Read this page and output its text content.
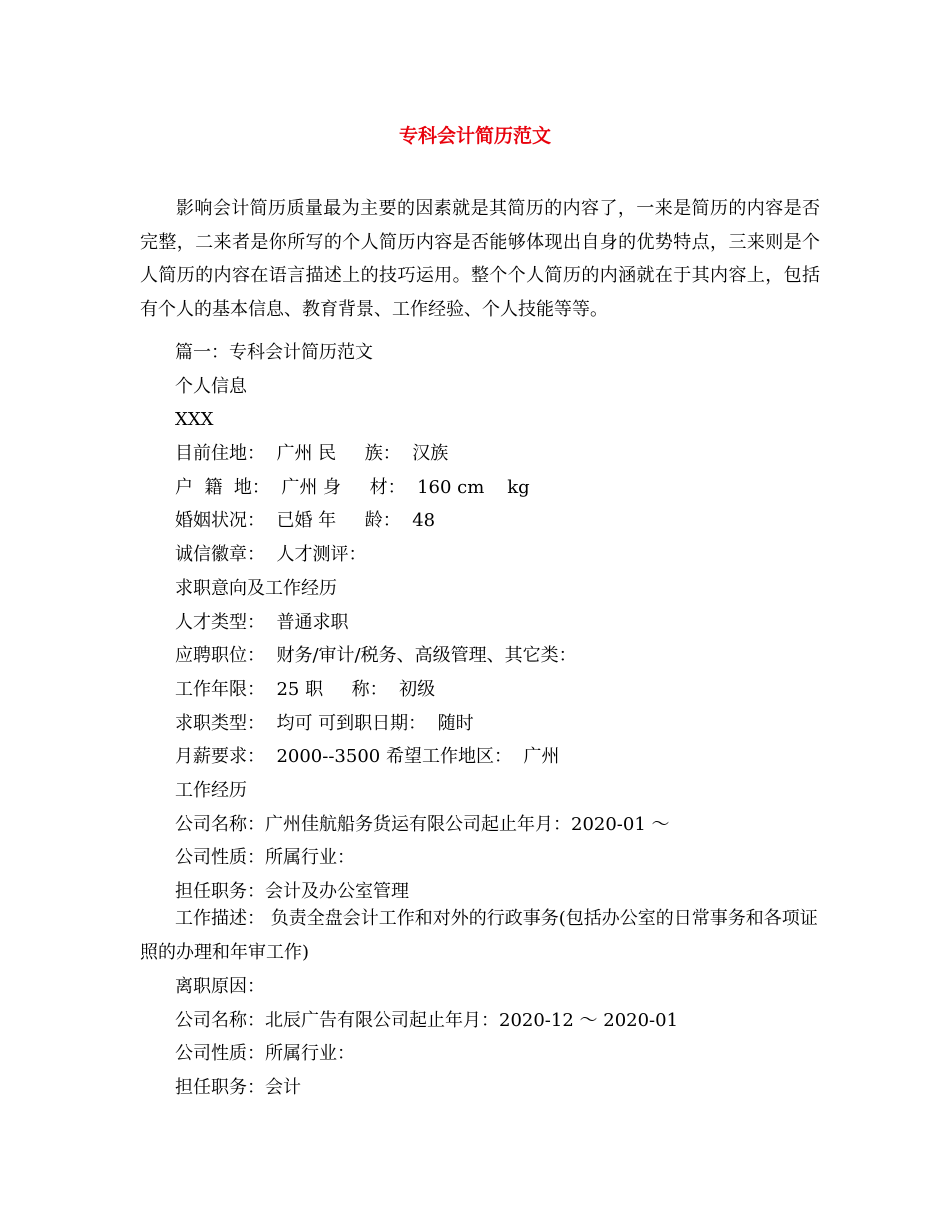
专科会计简历范文

影响会计简历质量最为主要的因素就是其简历的内容了，一来是简历的内容是否完整，二来者是你所写的个人简历内容是否能够体现出自身的优势特点，三来则是个人简历的内容在语言描述上的技巧运用。整个个人简历的内涵就在于其内容上，包括有个人的基本信息、教育背景、工作经验、个人技能等等。

篇一：专科会计简历范文
个人信息
XXX
目前住地：  广州 民     族：  汉族
户  籍  地：  广州 身     材：  160 cm    kg
婚姻状况：  已婚 年     龄：  48
诚信徽章：  人才测评：
求职意向及工作经历
人才类型：  普通求职
应聘职位：  财务/审计/税务、高级管理、其它类：
工作年限：  25 职     称：  初级
求职类型：  均可 可到职日期：  随时
月薪要求：  2000--3500 希望工作地区：  广州
工作经历
公司名称：广州佳航船务货运有限公司起止年月：2020-01 ～
公司性质：所属行业：
担任职务：会计及办公室管理

工作描述： 负责全盘会计工作和对外的行政事务(包括办公室的日常事务和各项证照的办理和年审工作)

离职原因：
公司名称：北辰广告有限公司起止年月：2020-12 ～ 2020-01
公司性质：所属行业：
担任职务：会计
